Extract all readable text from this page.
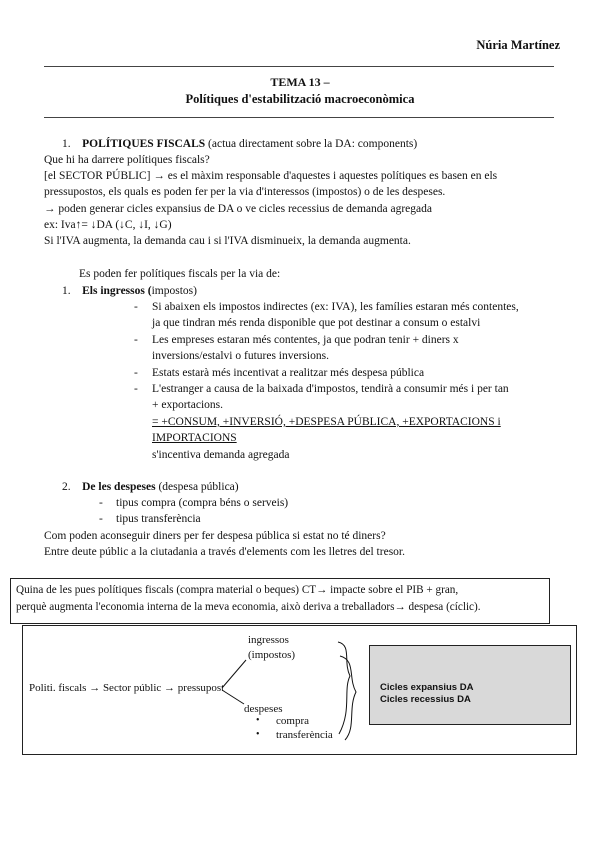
Núria Martínez
TEMA 13 –
Polítiques d'estabilització macroeconòmica
1. POLÍTIQUES FISCALS (actua directament sobre la DA: components)
Que hi ha darrere polítiques fiscals?
[el SECTOR PÚBLIC] → es el màxim responsable d'aquestes i aquestes polítiques es basen en els
pressupostos, els quals es poden fer per la via d'interessos (impostos) o de les despeses.
→ poden generar cicles expansius de DA o ve cicles recessius de demanda agregada
ex: Iva↑= ↓DA (↓C, ↓I, ↓G)
Si l'IVA augmenta, la demanda cau i si l'IVA disminueix, la demanda augmenta.
Es poden fer polítiques fiscals per la via de:
1. Els ingressos (impostos)
- Si abaixen els impostos indirectes (ex: IVA), les famílies estaran més contentes,
ja que tindran més renda disponible que pot destinar a consum o estalvi
- Les empreses estaran més contentes, ja que podran tenir + diners x
inversions/estalvi o futures inversions.
- Estats estarà més incentivat a realitzar més despesa pública
- L'estranger a causa de la baixada d'impostos, tendirà a consumir més i per tan
+ exportacions.
= +CONSUM, +INVERSIÓ, +DESPESA PÚBLICA, +EXPORTACIONS i
IMPORTACIONS
s'incentiva demanda agregada
2. De les despeses (despesa pública)
- tipus compra (compra béns o serveis)
- tipus transferència
Com poden aconseguir diners per fer despesa pública si estat no té diners?
Entre deute públic a la ciutadania a través d'elements com les lletres del tresor.
Quina de les pues polítiques fiscals (compra material o beques) CT→ impacte sobre el PIB + gran,
perquè augmenta l'economia interna de la meva economia, això deriva a treballadors→ despesa (cíclic).
Politi. fiscals → Sector públic → pressupost
ingressos
(impostos)
despeses
• compra
• transferència
Cicles expansius DA
Cicles recessius DA
